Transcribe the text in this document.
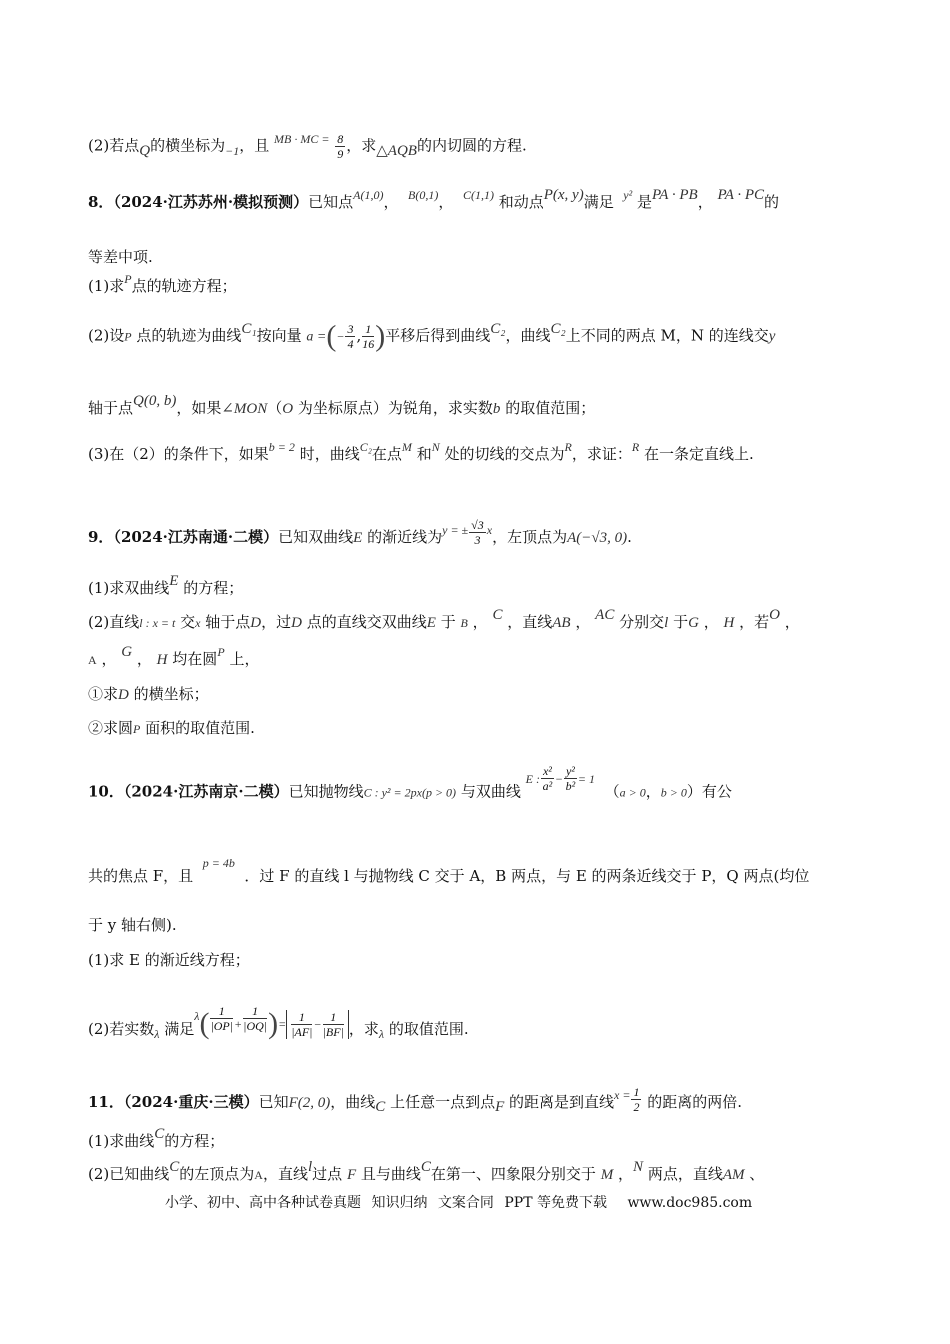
(2)若点Q的横坐标为$_{-1}$，且 $^{MB \cdot MC =} \frac{8}{9}$ ，求△AQB的内切圆的方程.
8．（2024·江苏苏州·模拟预测）已知点$^{A(1,0)}$， $^{B(0,1)}$， $^{C(1,1)}$ 和动点P(x, y)满足 $^{y^2}$ 是PA · PB， PA · PC的
等差中项.
(1)求$^P$点的轨迹方程；
(2)设P 点的轨迹为曲线C₁按向量 a =(− $\frac{3}{4}$ , $\frac{1}{16}$ )平移后得到曲线C₂，曲线C₂上不同的两点 M，N 的连线交y
轴于点Q(0, b)，如果∠MON（O 为坐标原点）为锐角，求实数b 的取值范围；
(3)在（2）的条件下，如果$^{b = 2}$ 时，曲线$^{C_2}$在点$^M$ 和$^N$ 处的切线的交点为$^R$，求证：$^R$ 在一条定直线上.
9．（2024·江苏南通·二模）已知双曲线E 的渐近线为$^{y = \pm} \frac{√3}{3} ^x$，左顶点为A(−√3, 0).
(1)求双曲线E 的方程；
(2)直线l : x = t 交x 轴于点D，过D 点的直线交双曲线E 于 B ， C ，直线AB ， AC 分别交l 于G ， H ，若O ，
A ， G ， H 均在圆$^P$ 上，
①求D 的横坐标；
②求圆P 面积的取值范围.
10．（2024·江苏南京·二模）已知抛物线C : y² = 2px(p > 0) 与双曲线 $^{E :} \frac{\text{x²}}{\text{a²}} ^- \frac{\text{y²}}{\text{b²}} ^{= 1}$  （a > 0，b > 0）有公
共的焦点 F，且  $^{p = 4b}$  ．过 F 的直线 l 与抛物线 C 交于 A，B 两点，与 E 的两条近线交于 P，Q 两点(均位
于 y 轴右侧).
(1)求 E 的渐近线方程；
(2)若实数$_\lambda$ 满足$^\lambda( \frac{1}{|OP|} ^+ \frac{1}{|OQ|} )^= \frac{1}{|AF|} - \frac{1}{|BF|}$ ，求$_\lambda$ 的取值范围.
11．（2024·重庆·三模）已知F(2, 0)，曲线C 上任意一点到点F 的距离是到直线$^{x =} \frac{1}{2}$ 的距离的两倍.
(1)求曲线C的方程；
(2)已知曲线C的左顶点为A，直线l过点 F 且与曲线C在第一、四象限分别交于 M ，N 两点，直线AM 、
小学、初中、高中各种试卷真题 知识归纳 文案合同 PPT 等免费下载 www.doc985.com
